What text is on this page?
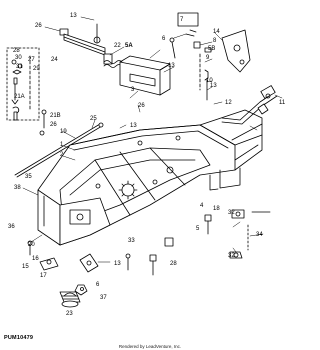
26
13
5A
7
14
13
22
6
3
28
27
29
5B
8
30
31
24	9
10
13
21A
26
21B
26
12	11
19
25
13
1
2
18
35
38
36
34
32
4
5
32
20
16
15	13
33
17
6
37
23
28
PUM10479
Rendered by LeadVenture, Inc.
